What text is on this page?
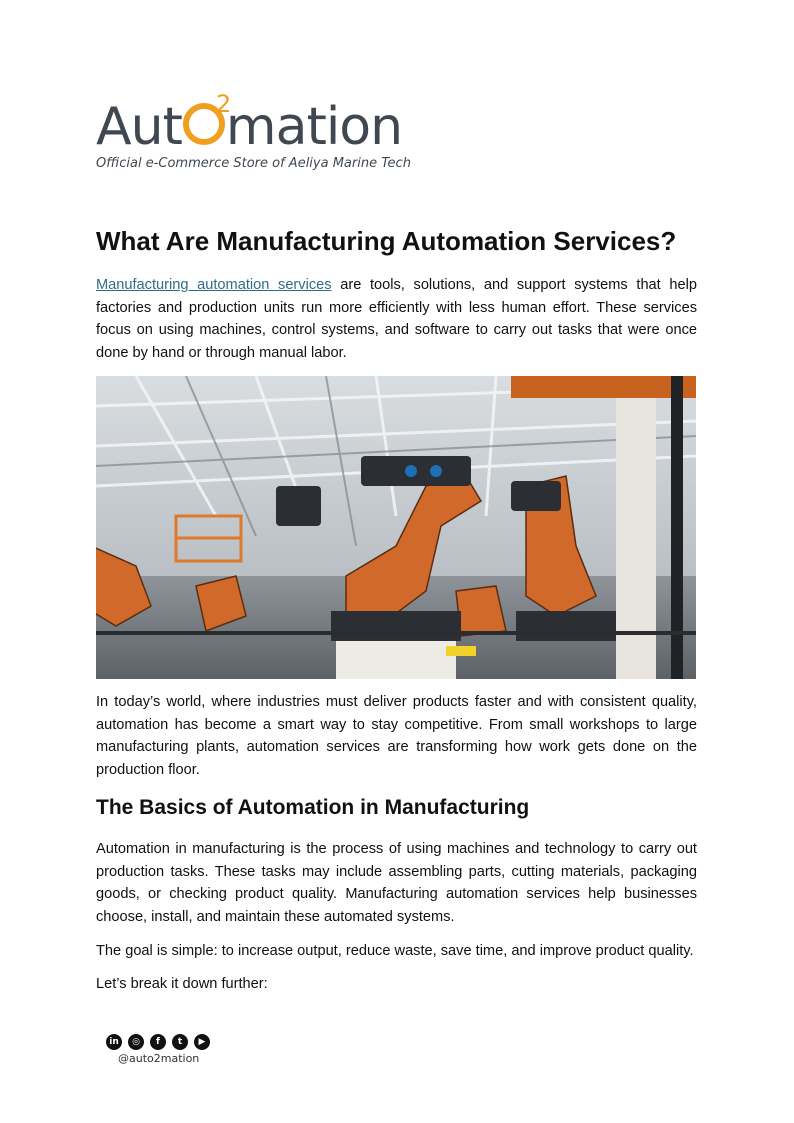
Aut mation
2
Official e-Commerce Store of Aeliya Marine Tech
What Are Manufacturing Automation Services?

Manufacturing automation services are tools, solutions, and support systems that help factories and production units run more efficiently with less human effort. These services focus on using machines, control systems, and software to carry out tasks that were once done by hand or through manual labor.

In today’s world, where industries must deliver products faster and with consistent quality, automation has become a smart way to stay competitive. From small workshops to large manufacturing plants, automation services are transforming how work gets done on the production floor.

The Basics of Automation in Manufacturing

Automation in manufacturing is the process of using machines and technology to carry out production tasks. These tasks may include assembling parts, cutting materials, packaging goods, or checking product quality. Manufacturing automation services help businesses choose, install, and maintain these automated systems.

The goal is simple: to increase output, reduce waste, save time, and improve product quality.

Let’s break it down further:

in	◎	f	t	▶
@auto2mation
